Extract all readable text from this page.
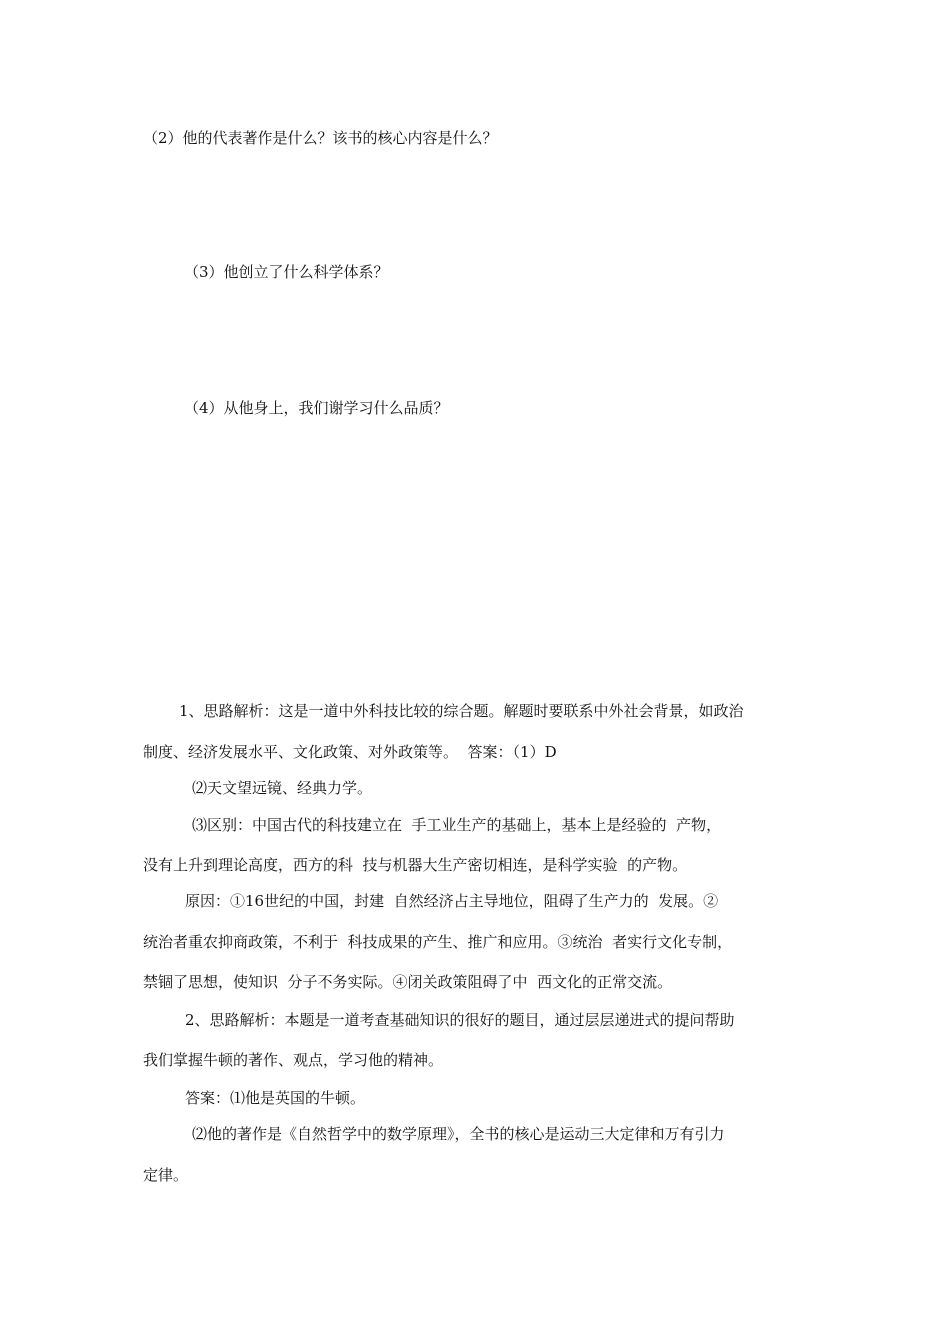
（2）他的代表著作是什么？该书的核心内容是什么？
（3）他创立了什么科学体系？
（4）从他身上，我们谢学习什么品质？
1、思路解析：这是一道中外科技比较的综合题。解题时要联系中外社会背景，如政治
制度、经济发展水平、文化政策、对外政策等。  答案：（1）D
⑵天文望远镜、经典力学。
⑶区别：中国古代的科技建立在  手工业生产的基础上，基本上是经验的  产物，
没有上升到理论高度，西方的科  技与机器大生产密切相连，是科学实验  的产物。
原因：①16世纪的中国，封建  自然经济占主导地位，阻碍了生产力的  发展。②
统治者重农抑商政策，不利于  科技成果的产生、推广和应用。③统治  者实行文化专制，
禁锢了思想，使知识  分子不务实际。④闭关政策阻碍了中  西文化的正常交流。
2、思路解析：本题是一道考查基础知识的很好的题目，通过层层递进式的提问帮助
我们掌握牛顿的著作、观点，学习他的精神。
答案：⑴他是英国的牛顿。
⑵他的著作是《自然哲学中的数学原理》，全书的核心是运动三大定律和万有引力
定律。
